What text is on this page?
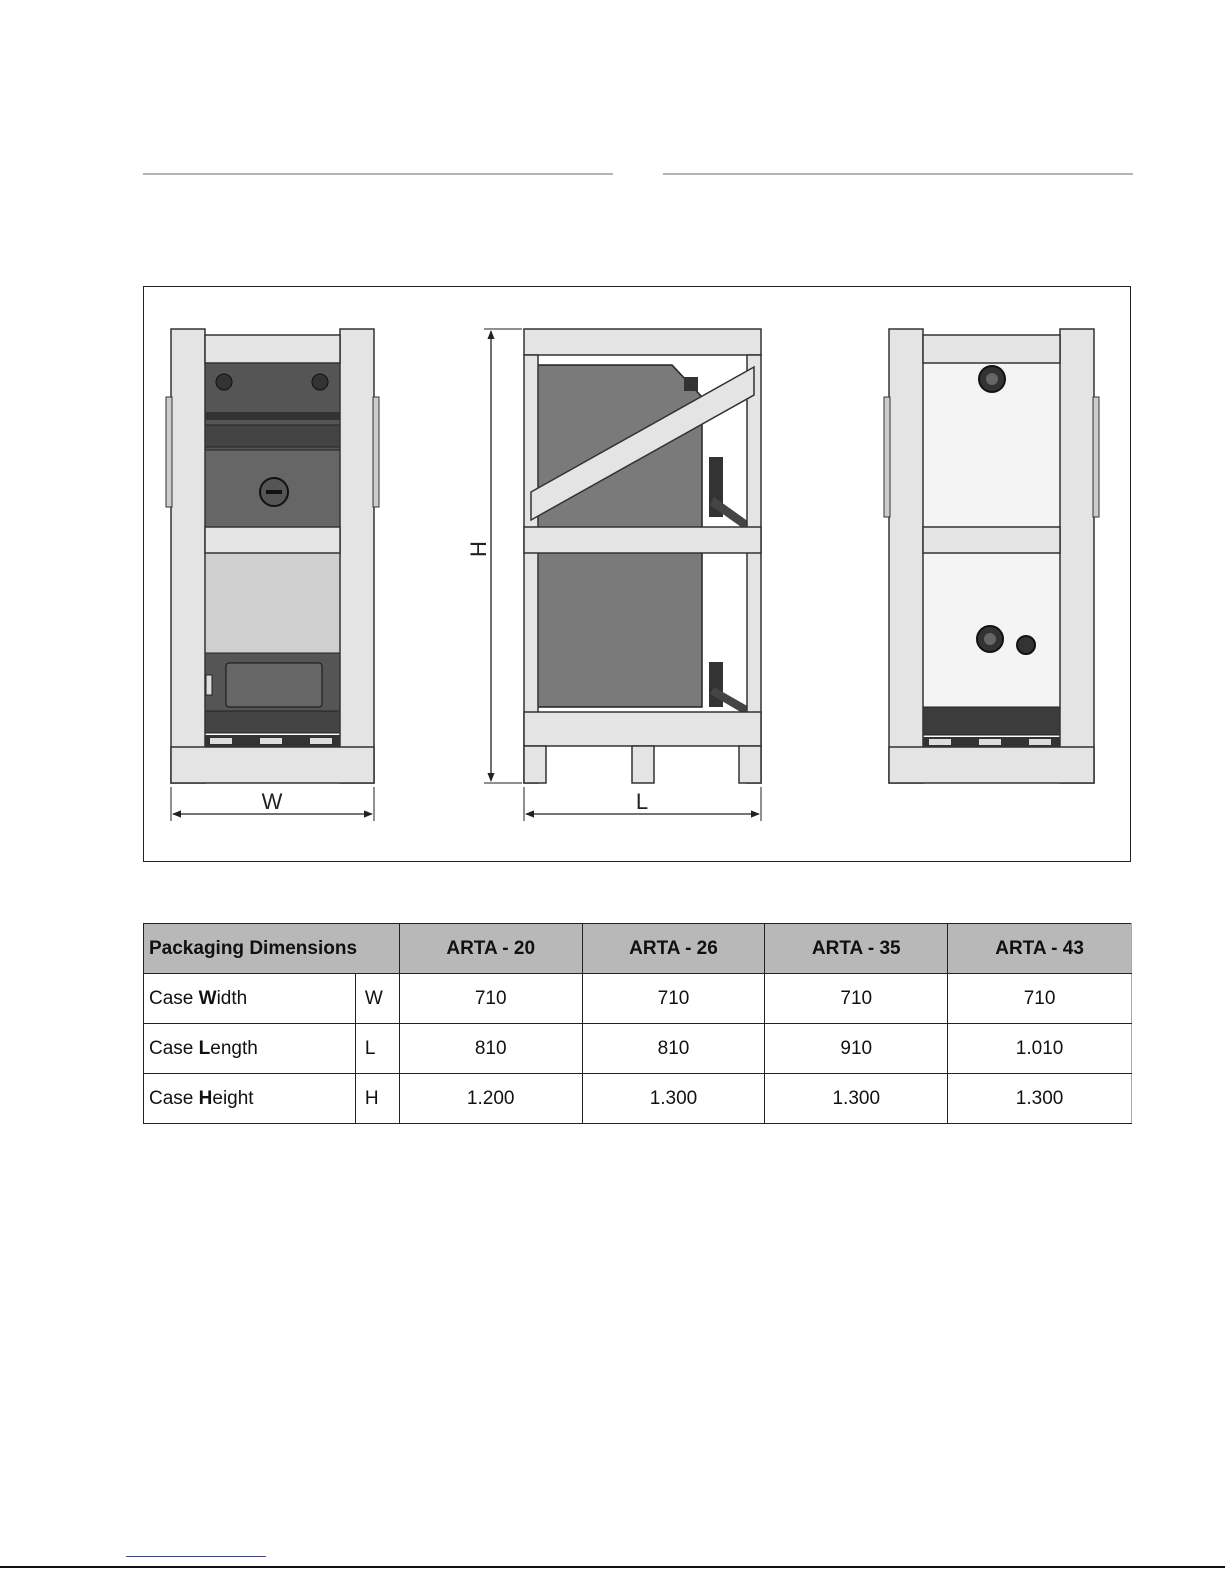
W
H
L
Packaging Dimensions		ARTA - 20	ARTA - 26	ARTA - 35	ARTA - 43
Case Width	W	710	710	710	710
Case Length	L	810	810	910	1.010
Case Height	H	1.200	1.300	1.300	1.300
